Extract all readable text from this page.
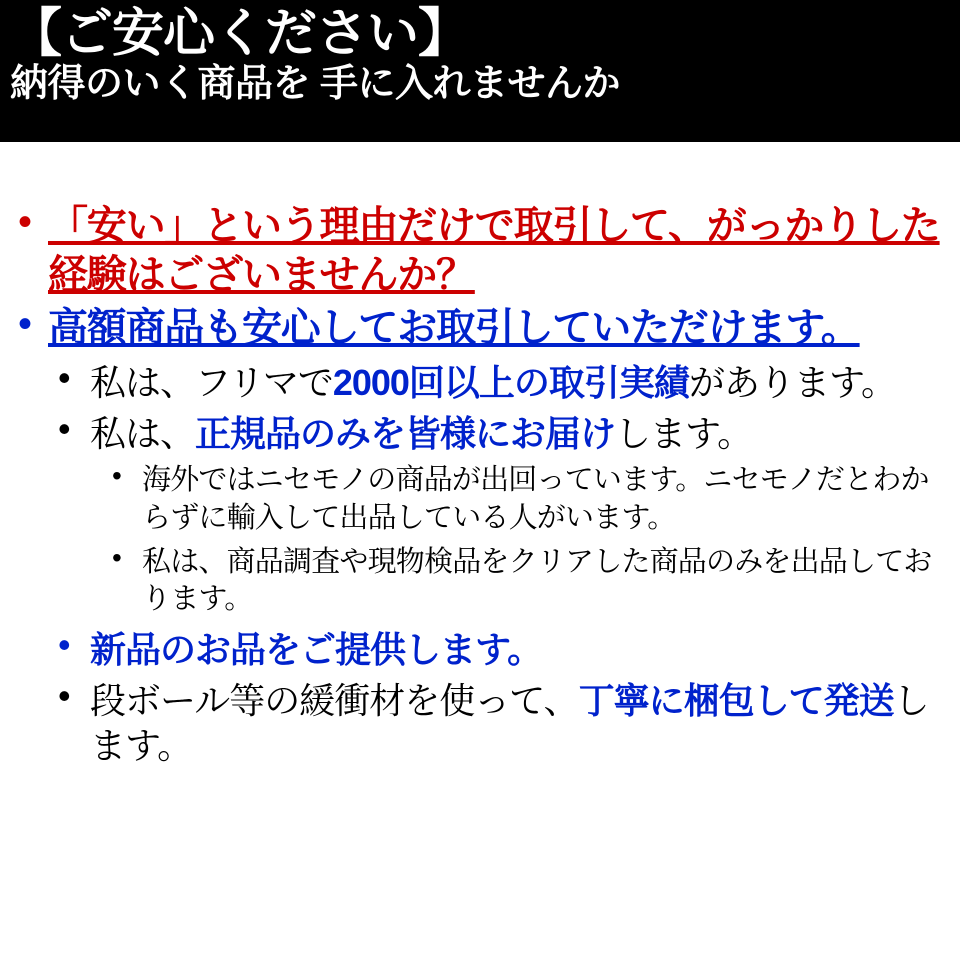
【ご安心ください】
納得のいく商品を 手に入れませんか
• 「安い」という理由だけで取引して、がっかりした経験はございませんか？
• 高額商品も安心してお取引していただけます。
• 私は、フリマで2000回以上の取引実績があります。
• 私は、正規品のみを皆様にお届けします。
• 海外ではニセモノの商品が出回っています。ニセモノだとわからずに輸入して出品している人がいます。
• 私は、商品調査や現物検品をクリアした商品のみを出品しております。
• 新品のお品をご提供します。
• 段ボール等の緩衝材を使って、丁寧に梱包して発送します。
